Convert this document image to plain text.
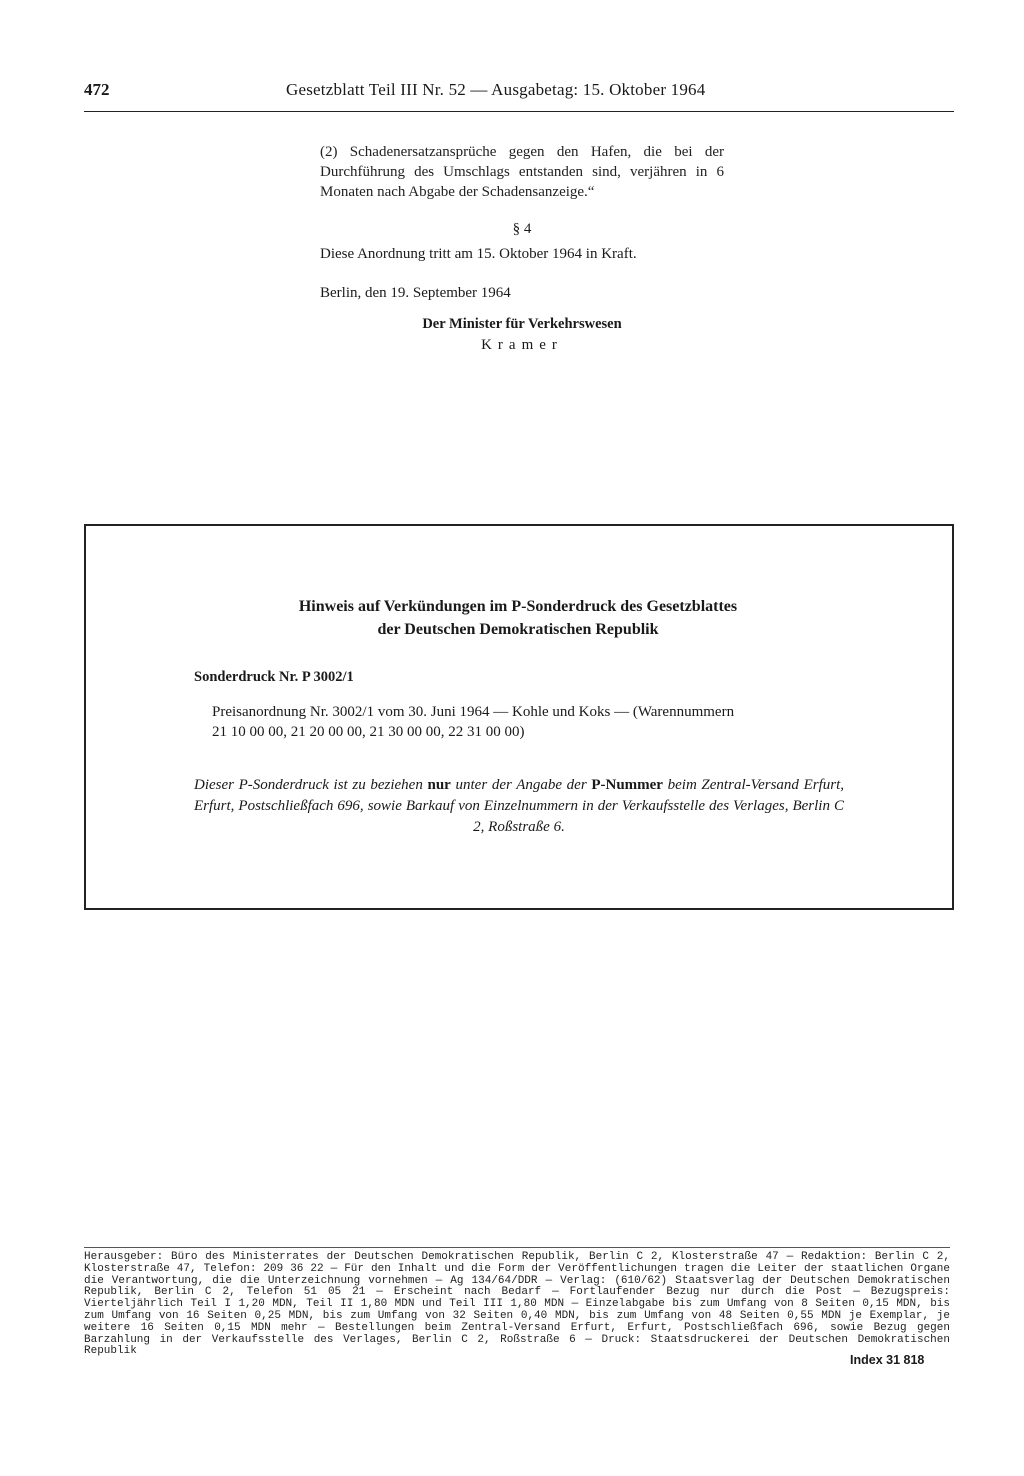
472	Gesetzblatt Teil III Nr. 52 — Ausgabetag: 15. Oktober 1964
(2) Schadenersatzansprüche gegen den Hafen, die bei der Durchführung des Umschlags entstanden sind, verjähren in 6 Monaten nach Abgabe der Schadensanzeige.“
§ 4
Diese Anordnung tritt am 15. Oktober 1964 in Kraft.
Berlin, den 19. September 1964
Der Minister für Verkehrswesen
Kramer
Hinweis auf Verkündungen im P-Sonderdruck des Gesetzblattes
der Deutschen Demokratischen Republik
Sonderdruck Nr. P 3002/1
Preisanordnung Nr. 3002/1 vom 30. Juni 1964 — Kohle und Koks — (Warennummern
21 10 00 00, 21 20 00 00, 21 30 00 00, 22 31 00 00)
Dieser P-Sonderdruck ist zu beziehen nur unter der Angabe der P-Nummer beim Zentral-Versand Erfurt, Erfurt, Postschließfach 696, sowie Barkauf von Einzelnummern in der Verkaufsstelle des Verlages, Berlin C 2, Roßstraße 6.
Herausgeber: Büro des Ministerrates der Deutschen Demokratischen Republik, Berlin C 2, Klosterstraße 47 — Redaktion: Berlin C 2, Klosterstraße 47, Telefon: 209 36 22 — Für den Inhalt und die Form der Veröffentlichungen tragen die Leiter der staatlichen Organe die Verantwortung, die die Unterzeichnung vornehmen — Ag 134/64/DDR — Verlag: (610/62) Staatsverlag der Deutschen Demokratischen Republik, Berlin C 2, Telefon 51 05 21 — Erscheint nach Bedarf — Fortlaufender Bezug nur durch die Post — Bezugspreis: Vierteljährlich Teil I 1,20 MDN, Teil II 1,80 MDN und Teil III 1,80 MDN — Einzelabgabe bis zum Umfang von 8 Seiten 0,15 MDN, bis zum Umfang von 16 Seiten 0,25 MDN, bis zum Umfang von 32 Seiten 0,40 MDN, bis zum Umfang von 48 Seiten 0,55 MDN je Exemplar, je weitere 16 Seiten 0,15 MDN mehr — Bestellungen beim Zentral-Versand Erfurt, Erfurt, Postschließfach 696, sowie Bezug gegen Barzahlung in der Verkaufsstelle des Verlages, Berlin C 2, Roßstraße 6 — Druck: Staatsdruckerei der Deutschen Demokratischen Republik
Index 31 818
